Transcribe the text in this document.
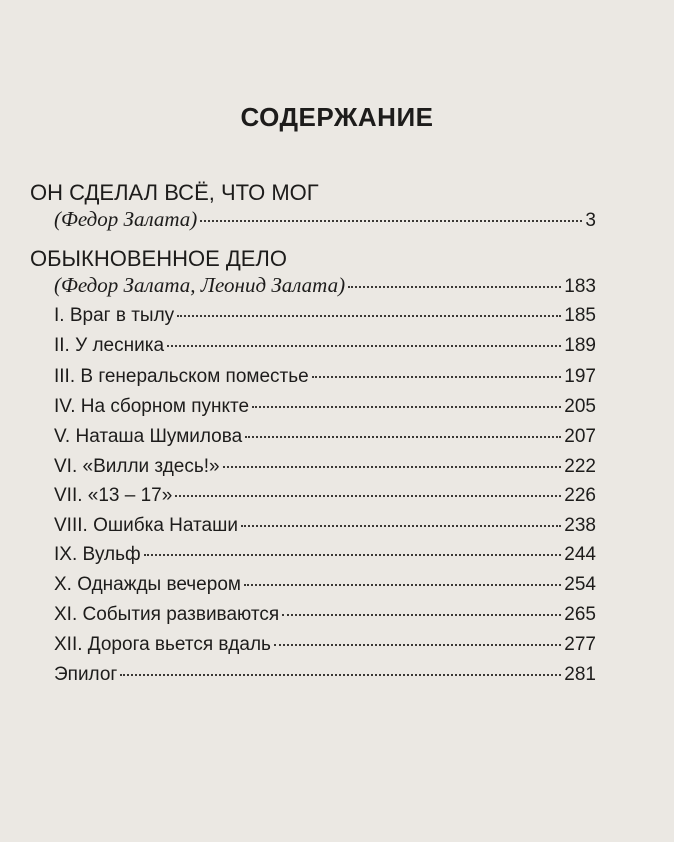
СОДЕРЖАНИЕ
ОН СДЕЛАЛ ВСЁ, ЧТО МОГ
(Федор Залата)	3
ОБЫКНОВЕННОЕ ДЕЛО
(Федор Залата, Леонид Залата)	183
I. Враг в тылу	185
II. У лесника	189
III. В генеральском поместье	197
IV. На сборном пункте	205
V. Наташа Шумилова	207
VI. «Вилли здесь!»	222
VII. «13 – 17»	226
VIII. Ошибка Наташи	238
IX. Вульф	244
X. Однажды вечером	254
XI. События развиваются	265
XII. Дорога вьется вдаль	277
Эпилог	281
